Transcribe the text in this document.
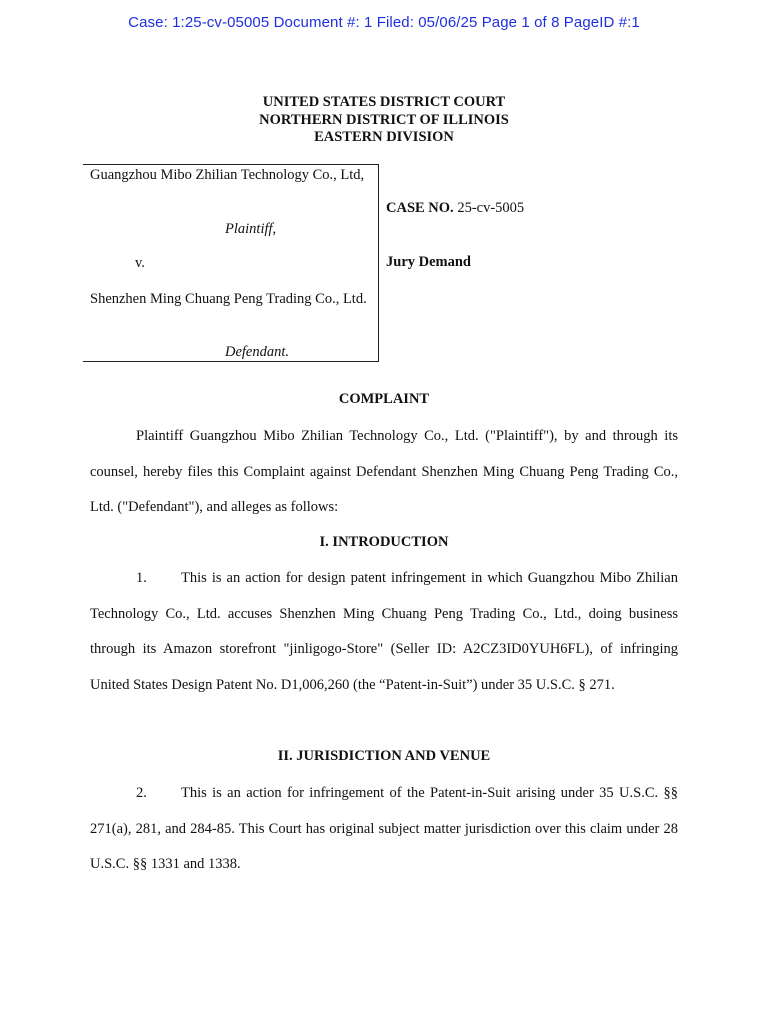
Case: 1:25-cv-05005 Document #: 1 Filed: 05/06/25 Page 1 of 8 PageID #:1
UNITED STATES DISTRICT COURT
NORTHERN DISTRICT OF ILLINOIS
EASTERN DIVISION
Guangzhou Mibo Zhilian Technology Co., Ltd,
Plaintiff,
v.
Shenzhen Ming Chuang Peng Trading Co., Ltd.
Defendant.
CASE NO. 25-cv-5005
Jury Demand
COMPLAINT

Plaintiff Guangzhou Mibo Zhilian Technology Co., Ltd. ("Plaintiff"), by and through its counsel, hereby files this Complaint against Defendant Shenzhen Ming Chuang Peng Trading Co., Ltd. ("Defendant"), and alleges as follows:

I. INTRODUCTION

1. This is an action for design patent infringement in which Guangzhou Mibo Zhilian Technology Co., Ltd. accuses Shenzhen Ming Chuang Peng Trading Co., Ltd., doing business through its Amazon storefront "jinligogo-Store" (Seller ID: A2CZ3ID0YUH6FL), of infringing United States Design Patent No. D1,006,260 (the “Patent-in-Suit”) under 35 U.S.C. § 271.

II. JURISDICTION AND VENUE

2. This is an action for infringement of the Patent-in-Suit arising under 35 U.S.C. §§ 271(a), 281, and 284-85. This Court has original subject matter jurisdiction over this claim under 28 U.S.C. §§ 1331 and 1338.
